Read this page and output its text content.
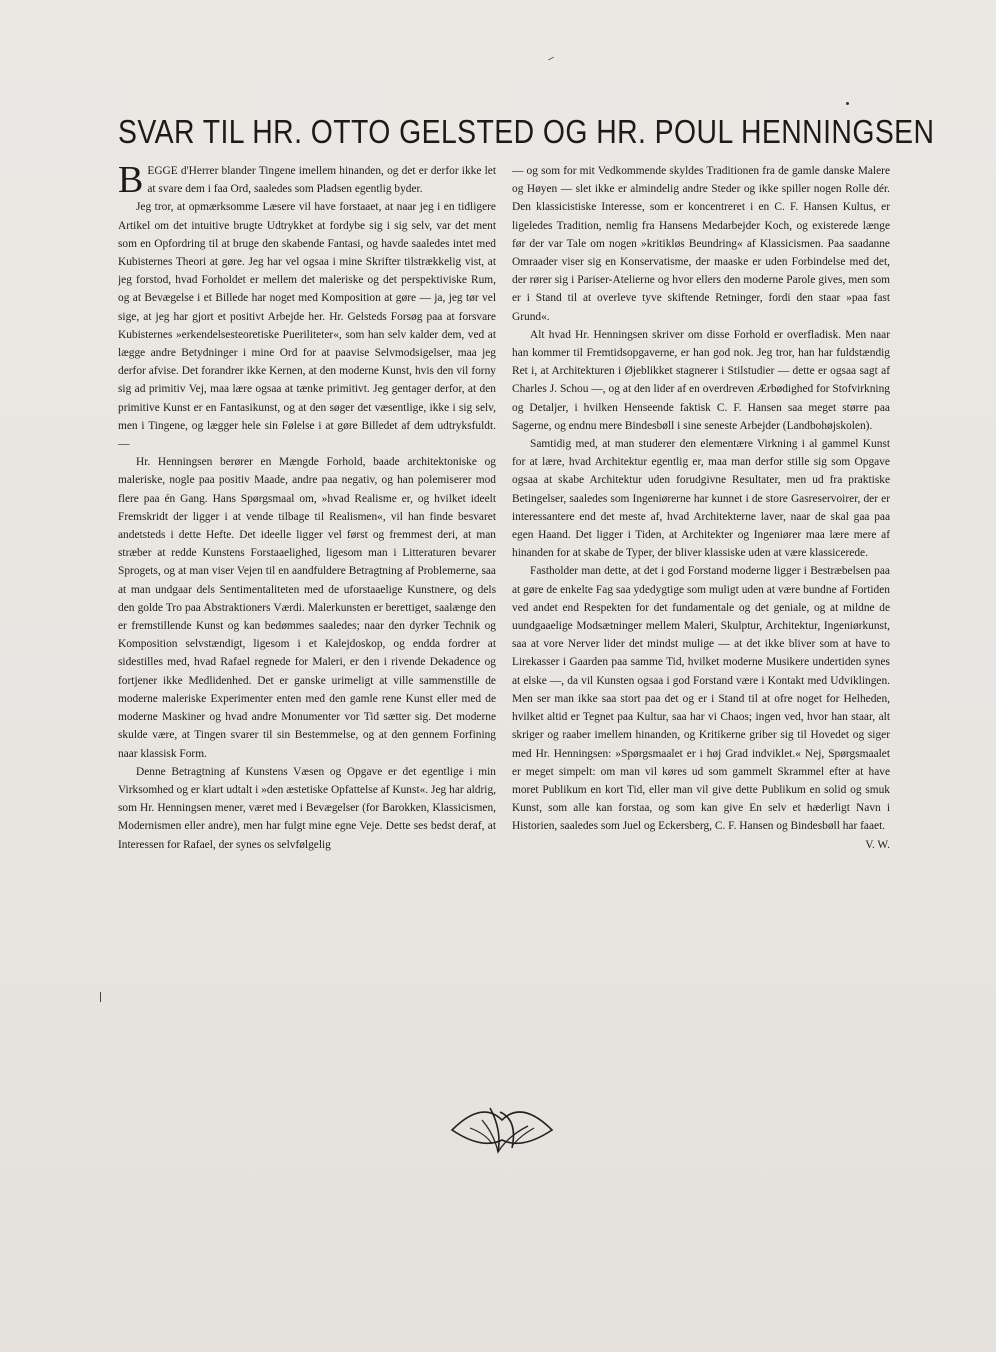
SVAR TIL HR. OTTO GELSTED OG HR. POUL HENNINGSEN

BEGGE d'Herrer blander Tingene imellem hinanden, og det er derfor ikke let at svare dem i faa Ord, saaledes som Pladsen egentlig byder.

Jeg tror, at opmærksomme Læsere vil have forstaaet, at naar jeg i en tidligere Artikel om det intuitive brugte Udtrykket at fordybe sig i sig selv, var det ment som en Opfordring til at bruge den skabende Fantasi, og havde saaledes intet med Kubisternes Theori at gøre. Jeg har vel ogsaa i mine Skrifter tilstrækkelig vist, at jeg forstod, hvad Forholdet er mellem det maleriske og det perspektiviske Rum, og at Bevægelse i et Billede har noget med Komposition at gøre — ja, jeg tør vel sige, at jeg har gjort et positivt Arbejde her. Hr. Gelsteds Forsøg paa at forsvare Kubisternes »erkendelsesteoretiske Pueriliteter«, som han selv kalder dem, ved at lægge andre Betydninger i mine Ord for at paavise Selvmodsigelser, maa jeg derfor afvise. Det forandrer ikke Kernen, at den moderne Kunst, hvis den vil forny sig ad primitiv Vej, maa lære ogsaa at tænke primitivt. Jeg gentager derfor, at den primitive Kunst er en Fantasikunst, og at den søger det væsentlige, ikke i sig selv, men i Tingene, og lægger hele sin Følelse i at gøre Billedet af dem udtryksfuldt. —

Hr. Henningsen berører en Mængde Forhold, baade architektoniske og maleriske, nogle paa positiv Maade, andre paa negativ, og han polemiserer mod flere paa én Gang. Hans Spørgsmaal om, »hvad Realisme er, og hvilket ideelt Fremskridt der ligger i at vende tilbage til Realismen«, vil han finde besvaret andetsteds i dette Hefte. Det ideelle ligger vel først og fremmest deri, at man stræber at redde Kunstens Forstaaelighed, ligesom man i Litteraturen bevarer Sprogets, og at man viser Vejen til en aandfuldere Betragtning af Problemerne, saa at man undgaar dels Sentimentaliteten med de uforstaaelige Kunstnere, og dels den golde Tro paa Abstraktioners Værdi. Malerkunsten er berettiget, saalænge den er fremstillende Kunst og kan bedømmes saaledes; naar den dyrker Technik og Komposition selvstændigt, ligesom i et Kalejdoskop, og endda fordrer at sidestilles med, hvad Rafael regnede for Maleri, er den i rivende Dekadence og fortjener ikke Medlidenhed. Det er ganske urimeligt at ville sammenstille de moderne maleriske Experimenter enten med den gamle rene Kunst eller med de moderne Maskiner og hvad andre Monumenter vor Tid sætter sig. Det moderne skulde være, at Tingen svarer til sin Bestemmelse, og at den gennem Forfining naar klassisk Form.

Denne Betragtning af Kunstens Væsen og Opgave er det egentlige i min Virksomhed og er klart udtalt i »den æstetiske Opfattelse af Kunst«. Jeg har aldrig, som Hr. Henningsen mener, været med i Bevægelser (for Barokken, Klassicismen, Modernismen eller andre), men har fulgt mine egne Veje. Dette ses bedst deraf, at Interessen for Rafael, der synes os selvfølgelig

— og som for mit Vedkommende skyldes Traditionen fra de gamle danske Malere og Høyen — slet ikke er almindelig andre Steder og ikke spiller nogen Rolle dér. Den klassicistiske Interesse, som er koncentreret i en C. F. Hansen Kultus, er ligeledes Tradition, nemlig fra Hansens Medarbejder Koch, og existerede længe før der var Tale om nogen »kritikløs Beundring« af Klassicismen. Paa saadanne Omraader viser sig en Konservatisme, der maaske er uden Forbindelse med det, der rører sig i Pariser-Atelierne og hvor ellers den moderne Parole gives, men som er i Stand til at overleve tyve skiftende Retninger, fordi den staar »paa fast Grund«.

Alt hvad Hr. Henningsen skriver om disse Forhold er overfladisk. Men naar han kommer til Fremtidsopgaverne, er han god nok. Jeg tror, han har fuldstændig Ret i, at Architekturen i Øjeblikket stagnerer i Stilstudier — dette er ogsaa sagt af Charles J. Schou —, og at den lider af en overdreven Ærbødighed for Stofvirkning og Detaljer, i hvilken Henseende faktisk C. F. Hansen saa meget større paa Sagerne, og endnu mere Bindesbøll i sine seneste Arbejder (Landbohøjskolen).

Samtidig med, at man studerer den elementære Virkning i al gammel Kunst for at lære, hvad Architektur egentlig er, maa man derfor stille sig som Opgave ogsaa at skabe Architektur uden forudgivne Resultater, men ud fra praktiske Betingelser, saaledes som Ingeniørerne har kunnet i de store Gasreservoirer, der er interessantere end det meste af, hvad Architekterne laver, naar de skal gaa paa egen Haand. Det ligger i Tiden, at Architekter og Ingeniører maa lære mere af hinanden for at skabe de Typer, der bliver klassiske uden at være klassicerede.

Fastholder man dette, at det i god Forstand moderne ligger i Bestræbelsen paa at gøre de enkelte Fag saa ydedygtige som muligt uden at være bundne af Fortiden ved andet end Respekten for det fundamentale og det geniale, og at mildne de uundgaaelige Modsætninger mellem Maleri, Skulptur, Architektur, Ingeniørkunst, saa at vore Nerver lider det mindst mulige — at det ikke bliver som at have to Lirekasser i Gaarden paa samme Tid, hvilket moderne Musikere undertiden synes at elske —, da vil Kunsten ogsaa i god Forstand være i Kontakt med Udviklingen. Men ser man ikke saa stort paa det og er i Stand til at ofre noget for Helheden, hvilket altid er Tegnet paa Kultur, saa har vi Chaos; ingen ved, hvor han staar, alt skriger og raaber imellem hinanden, og Kritikerne griber sig til Hovedet og siger med Hr. Henningsen: »Spørgsmaalet er i høj Grad indviklet.« Nej, Spørgsmaalet er meget simpelt: om man vil køres ud som gammelt Skrammel efter at have moret Publikum en kort Tid, eller man vil give dette Publikum en solid og smuk Kunst, som alle kan forstaa, og som kan give En selv et hæderligt Navn i Historien, saaledes som Juel og Eckersberg, C. F. Hansen og Bindesbøll har faaet.

V. W.
